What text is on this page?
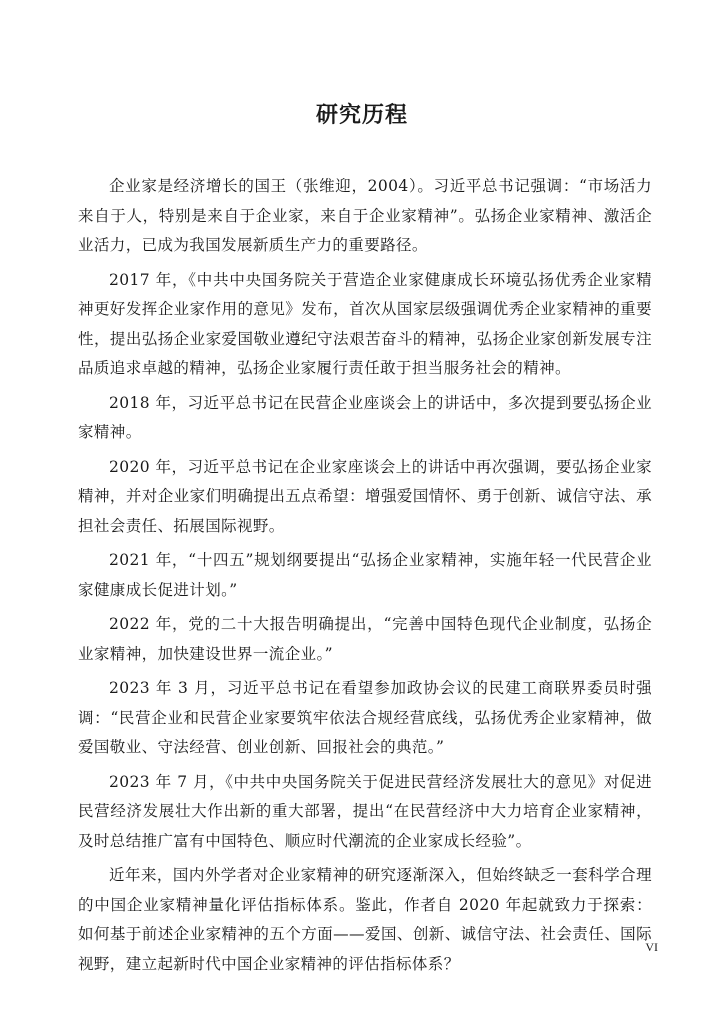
研究历程

企业家是经济增长的国王（张维迎，2004）。习近平总书记强调：“市场活力来自于人，特别是来自于企业家，来自于企业家精神”。弘扬企业家精神、激活企业活力，已成为我国发展新质生产力的重要路径。

2017 年，《中共中央国务院关于营造企业家健康成长环境弘扬优秀企业家精神更好发挥企业家作用的意见》发布，首次从国家层级强调优秀企业家精神的重要性，提出弘扬企业家爱国敬业遵纪守法艰苦奋斗的精神，弘扬企业家创新发展专注品质追求卓越的精神，弘扬企业家履行责任敢于担当服务社会的精神。

2018 年，习近平总书记在民营企业座谈会上的讲话中，多次提到要弘扬企业家精神。

2020 年，习近平总书记在企业家座谈会上的讲话中再次强调，要弘扬企业家精神，并对企业家们明确提出五点希望：增强爱国情怀、勇于创新、诚信守法、承担社会责任、拓展国际视野。

2021 年，“十四五”规划纲要提出“弘扬企业家精神，实施年轻一代民营企业家健康成长促进计划。”

2022 年，党的二十大报告明确提出，“完善中国特色现代企业制度，弘扬企业家精神，加快建设世界一流企业。”

2023 年 3 月，习近平总书记在看望参加政协会议的民建工商联界委员时强调：“民营企业和民营企业家要筑牢依法合规经营底线，弘扬优秀企业家精神，做爱国敬业、守法经营、创业创新、回报社会的典范。”

2023 年 7 月，《中共中央国务院关于促进民营经济发展壮大的意见》对促进民营经济发展壮大作出新的重大部署，提出“在民营经济中大力培育企业家精神，及时总结推广富有中国特色、顺应时代潮流的企业家成长经验”。

近年来，国内外学者对企业家精神的研究逐渐深入，但始终缺乏一套科学合理的中国企业家精神量化评估指标体系。鉴此，作者自 2020 年起就致力于探索：如何基于前述企业家精神的五个方面——爱国、创新、诚信守法、社会责任、国际视野，建立起新时代中国企业家精神的评估指标体系？

VI
